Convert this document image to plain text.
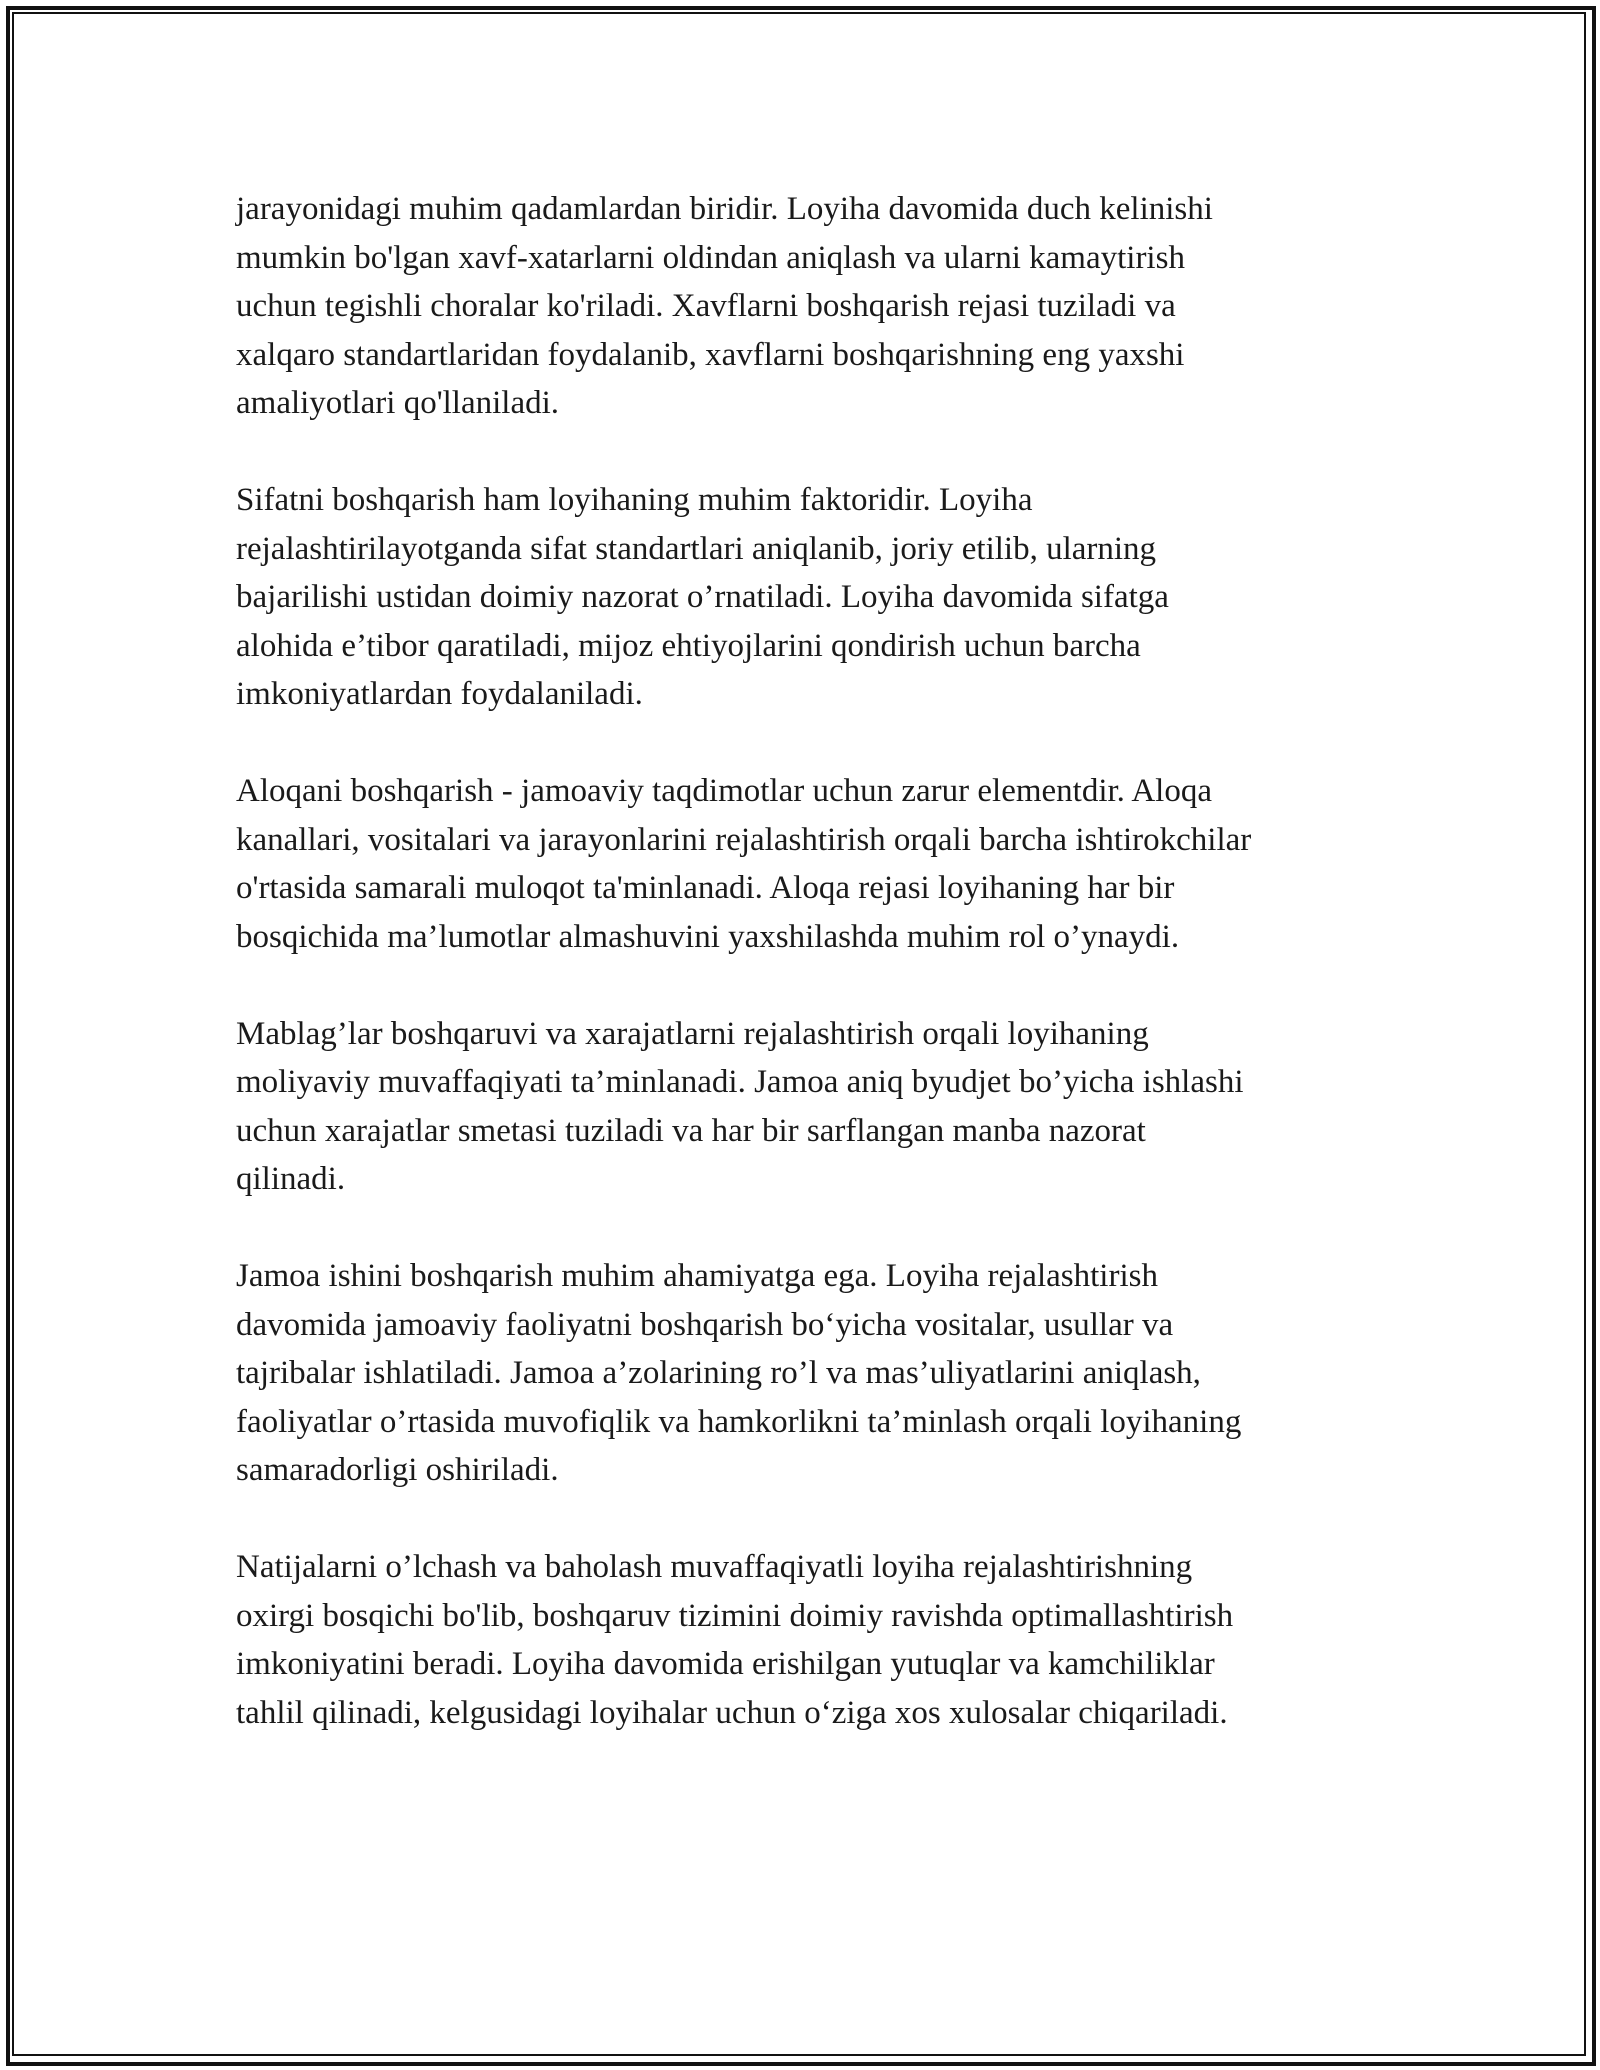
jarayonidagi muhim qadamlardan biridir. Loyiha davomida duch kelinishi
mumkin bo'lgan xavf-xatarlarni oldindan aniqlash va ularni kamaytirish
uchun tegishli choralar ko'riladi. Xavflarni boshqarish rejasi tuziladi va
xalqaro standartlaridan foydalanib, xavflarni boshqarishning eng yaxshi
amaliyotlari qo'llaniladi.

Sifatni boshqarish ham loyihaning muhim faktoridir. Loyiha
rejalashtirilayotganda sifat standartlari aniqlanib, joriy etilib, ularning
bajarilishi ustidan doimiy nazorat o’rnatiladi. Loyiha davomida sifatga
alohida e’tibor qaratiladi, mijoz ehtiyojlarini qondirish uchun barcha
imkoniyatlardan foydalaniladi.

Aloqani boshqarish - jamoaviy taqdimotlar uchun zarur elementdir. Aloqa
kanallari, vositalari va jarayonlarini rejalashtirish orqali barcha ishtirokchilar
o'rtasida samarali muloqot ta'minlanadi. Aloqa rejasi loyihaning har bir
bosqichida ma’lumotlar almashuvini yaxshilashda muhim rol o’ynaydi.

Mablag’lar boshqaruvi va xarajatlarni rejalashtirish orqali loyihaning
moliyaviy muvaffaqiyati ta’minlanadi. Jamoa aniq byudjet bo’yicha ishlashi
uchun xarajatlar smetasi tuziladi va har bir sarflangan manba nazorat
qilinadi.

Jamoa ishini boshqarish muhim ahamiyatga ega. Loyiha rejalashtirish
davomida jamoaviy faoliyatni boshqarish bo‘yicha vositalar, usullar va
tajribalar ishlatiladi. Jamoa a’zolarining ro’l va mas’uliyatlarini aniqlash,
faoliyatlar o’rtasida muvofiqlik va hamkorlikni ta’minlash orqali loyihaning
samaradorligi oshiriladi.

Natijalarni o’lchash va baholash muvaffaqiyatli loyiha rejalashtirishning
oxirgi bosqichi bo'lib, boshqaruv tizimini doimiy ravishda optimallashtirish
imkoniyatini beradi. Loyiha davomida erishilgan yutuqlar va kamchiliklar
tahlil qilinadi, kelgusidagi loyihalar uchun o‘ziga xos xulosalar chiqariladi.
